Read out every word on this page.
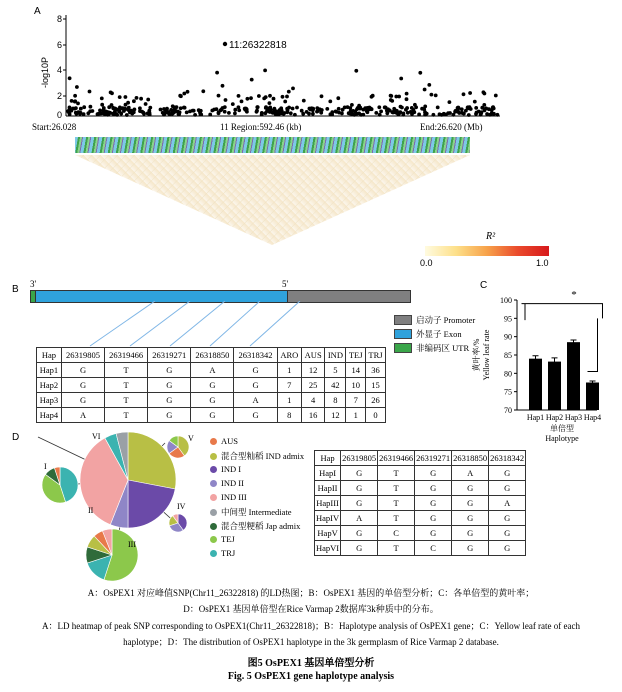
A
8
6
4
2
0
-log10P
11:26322818
Start:26.028	11 Region:592.46 (kb)	End:26.620 (Mb)
R²
0.0	1.0
B 3'	5'
启动子 Promoter
外显子 Exon
非编码区 UTR
Hap	26319805	26319466	26319271	26318850	26318342	ARO	AUS	IND	TEJ	TRJ
Hap1	G	T	G	A	G	1	12	5	14	36
Hap2	G	T	G	G	G	7	25	42	10	15
Hap3	G	T	G	G	A	1	4	8	7	26
Hap4	A	T	G	G	G	8	16	12	1	0
C
100
95
90
85
80
75
70
Hap1 Hap2 Hap3 Hap4
*
黄叶率/% Yellow leaf rate
单倍型
Haplotype
D	VI	V
I
II	IV
III
AUS
混合型籼稻 IND admix
IND I
IND II
IND III
中间型 Intermediate
混合型粳稻 Jap admix
TEJ
TRJ
Hap	26319805	26319466	26319271	26318850	26318342
HapI	G	T	G	A	G
HapII	G	T	G	G	G
HapIII	G	T	G	G	A
HapIV	A	T	G	G	G
HapV	G	C	G	G	G
HapVI	G	T	C	G	G
A：OsPEX1 对应峰值SNP(Chr11_26322818) 的LD热图；B：OsPEX1 基因的单倍型分析；C：各单倍型的黄叶率；
D：OsPEX1 基因单倍型在Rice Varmap 2数据库3k种质中的分布。
A：LD heatmap of peak SNP corresponding to OsPEX1(Chr11_26322818)；B：Haplotype analysis of OsPEX1 gene；C：Yellow leaf rate of each
haplotype；D：The distribution of OsPEX1 haplotype in the 3k germplasm of Rice Varmap 2 database.
图5 OsPEX1 基因单倍型分析
Fig. 5 OsPEX1 gene haplotype analysis
